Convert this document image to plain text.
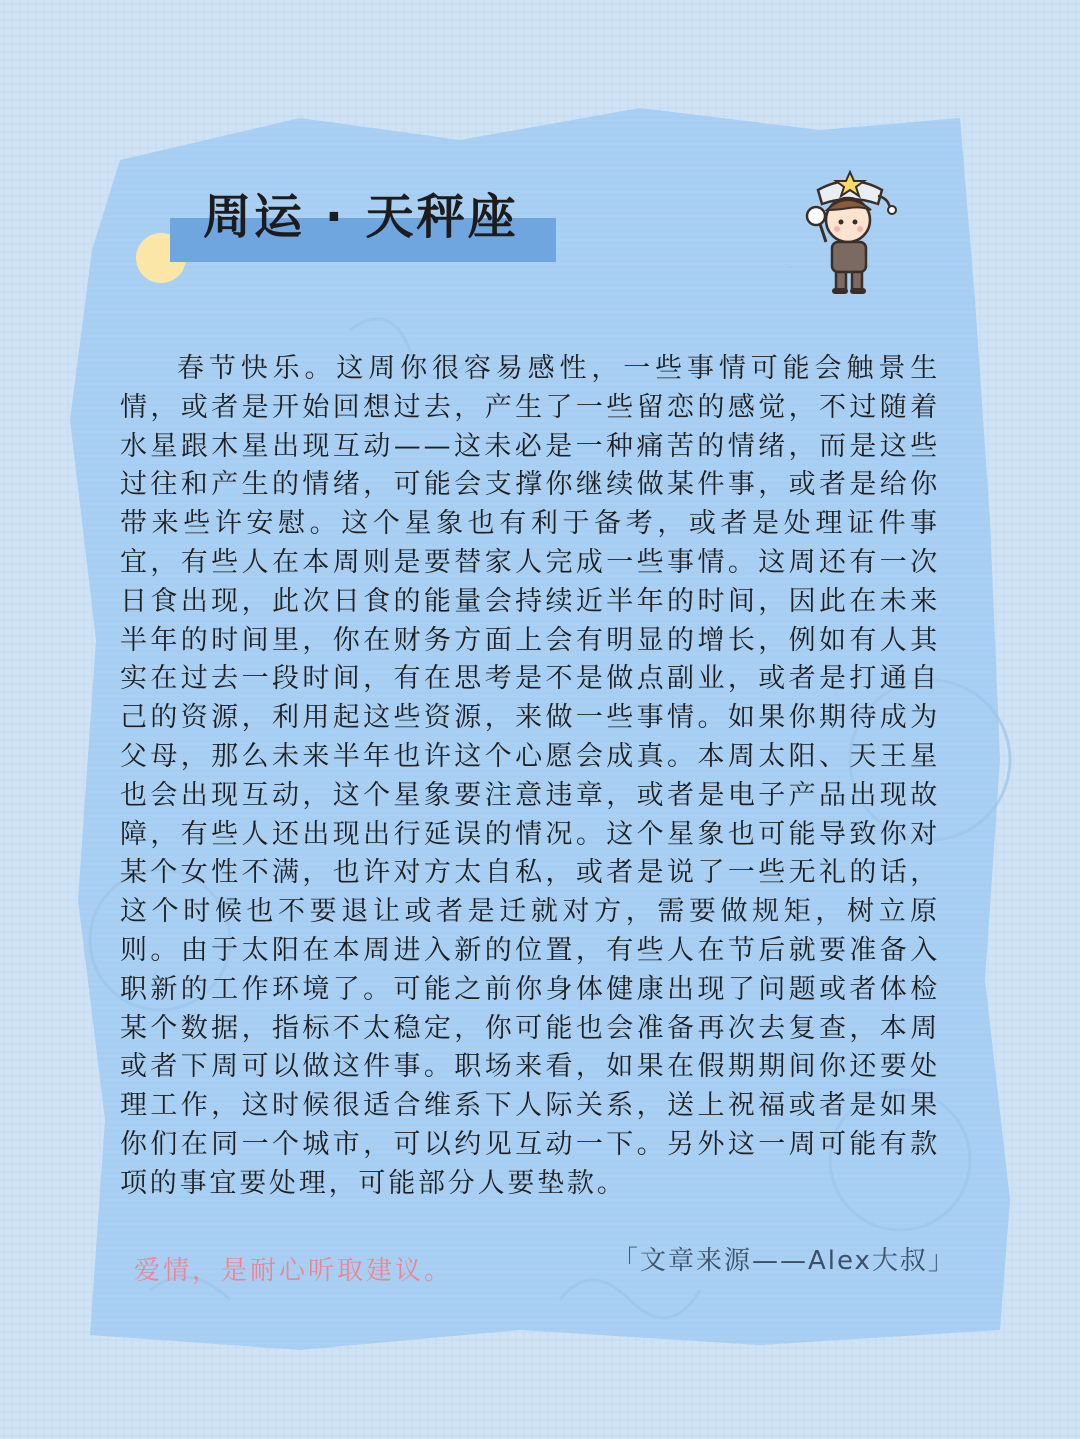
周运 · 天秤座

春节快乐。这周你很容易感性，一些事情可能会触景生情，或者是开始回想过去，产生了一些留恋的感觉，不过随着水星跟木星出现互动——这未必是一种痛苦的情绪，而是这些过往和产生的情绪，可能会支撑你继续做某件事，或者是给你带来些许安慰。这个星象也有利于备考，或者是处理证件事宜，有些人在本周则是要替家人完成一些事情。这周还有一次日食出现，此次日食的能量会持续近半年的时间，因此在未来半年的时间里，你在财务方面上会有明显的增长，例如有人其实在过去一段时间，有在思考是不是做点副业，或者是打通自己的资源，利用起这些资源，来做一些事情。如果你期待成为父母，那么未来半年也许这个心愿会成真。本周太阳、天王星也会出现互动，这个星象要注意违章，或者是电子产品出现故障，有些人还出现出行延误的情况。这个星象也可能导致你对某个女性不满，也许对方太自私，或者是说了一些无礼的话，这个时候也不要退让或者是迁就对方，需要做规矩，树立原则。由于太阳在本周进入新的位置，有些人在节后就要准备入职新的工作环境了。可能之前你身体健康出现了问题或者体检某个数据，指标不太稳定，你可能也会准备再次去复查，本周或者下周可以做这件事。职场来看，如果在假期期间你还要处理工作，这时候很适合维系下人际关系，送上祝福或者是如果你们在同一个城市，可以约见互动一下。另外这一周可能有款项的事宜要处理，可能部分人要垫款。

爱情，是耐心听取建议。	「文章来源——Alex大叔」
